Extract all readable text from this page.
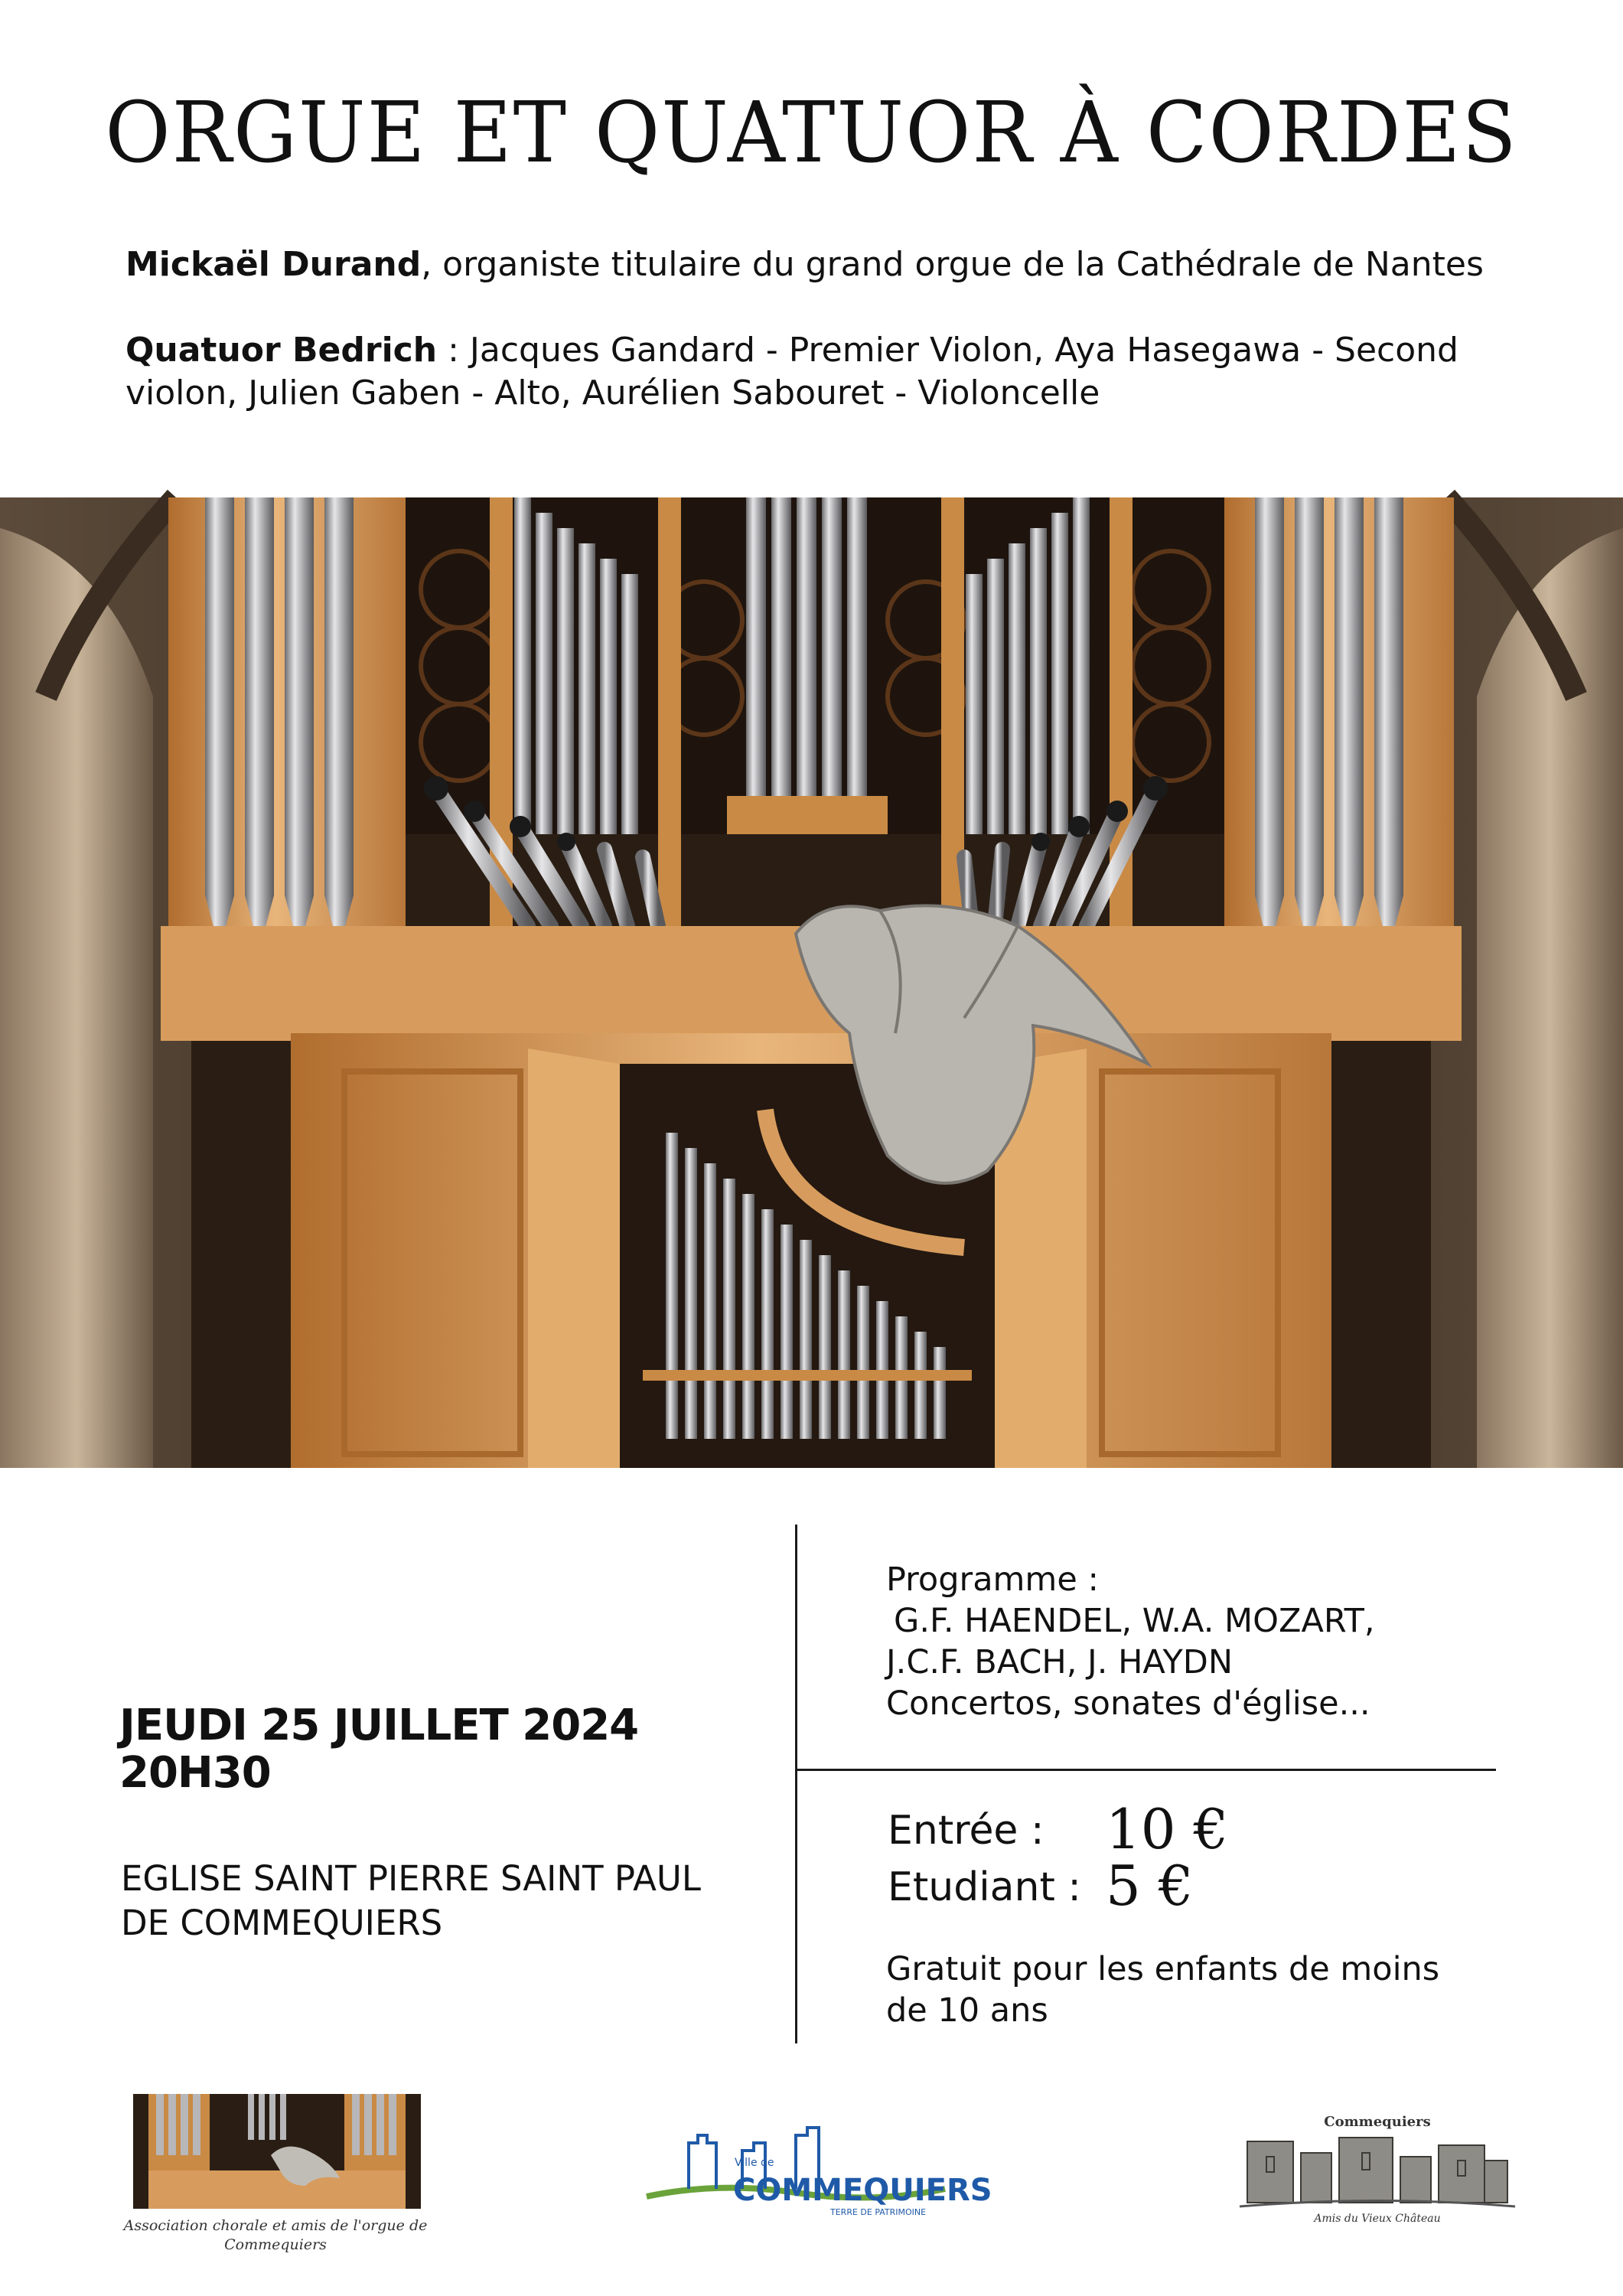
ORGUE ET QUATUOR À CORDES
Mickaël Durand, organiste titulaire du grand orgue de la Cathédrale de Nantes
Quatuor Bedrich : Jacques Gandard - Premier Violon, Aya Hasegawa - Second violon, Julien Gaben - Alto, Aurélien Sabouret - Violoncelle
JEUDI 25 JUILLET 2024
20H30
EGLISE SAINT PIERRE SAINT PAUL DE COMMEQUIERS
Programme :
G.F. HAENDEL, W.A. MOZART,
J.C.F. BACH, J. HAYDN
Concertos, sonates d'église...
Entrée : 10 €
Etudiant : 5 €
Gratuit pour les enfants de moins de 10 ans
Association chorale et amis de l'orgue de Commequiers
Ville de
COMMEQUIERS
TERRE DE PATRIMOINE
Commequiers
Amis du Vieux Château
